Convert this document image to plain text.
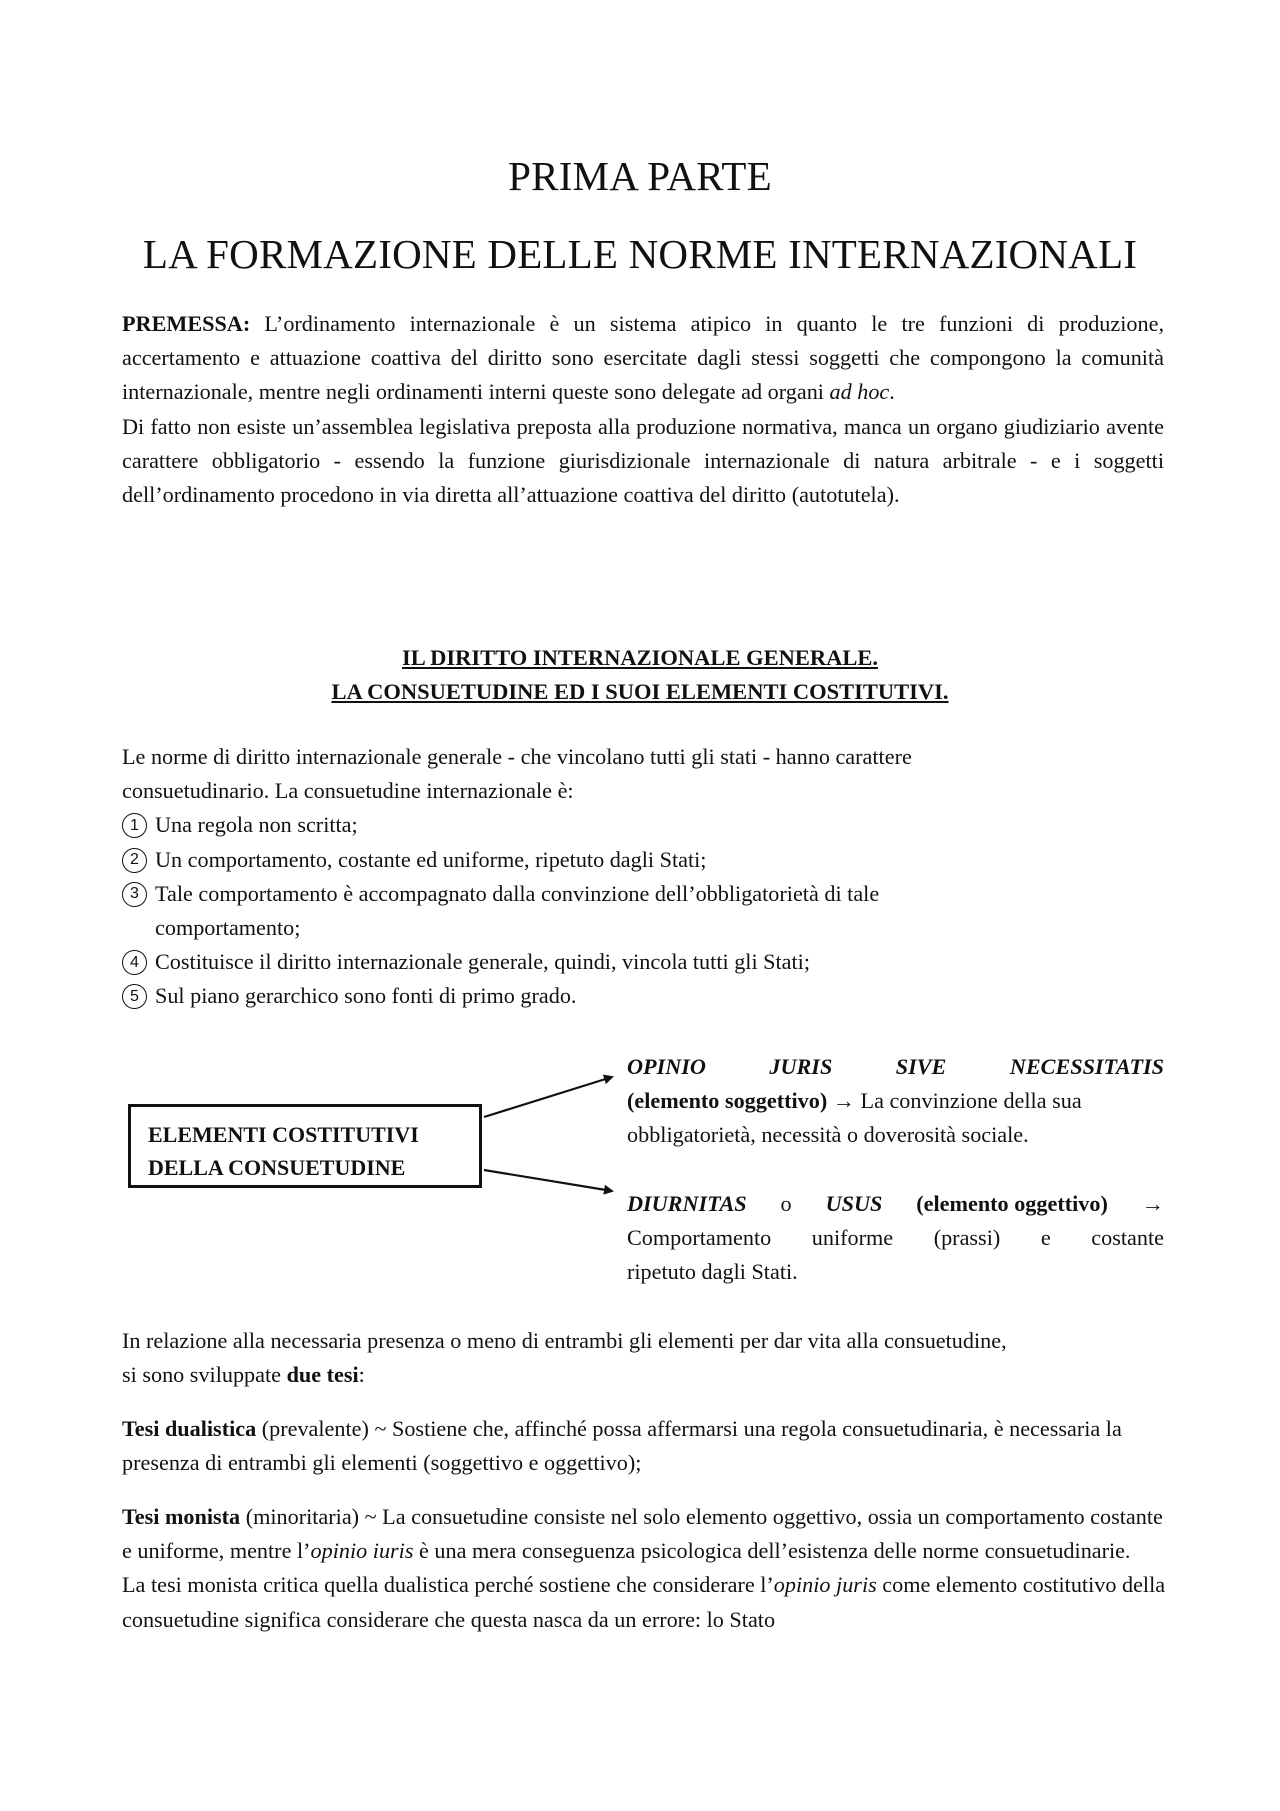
PRIMA PARTE
LA FORMAZIONE DELLE NORME INTERNAZIONALI

PREMESSA: L’ordinamento internazionale è un sistema atipico in quanto le tre funzioni di produzione, accertamento e attuazione coattiva del diritto sono esercitate dagli stessi soggetti che compongono la comunità internazionale, mentre negli ordinamenti interni queste sono delegate ad organi ad hoc.

Di fatto non esiste un’assemblea legislativa preposta alla produzione normativa, manca un organo giudiziario avente carattere obbligatorio - essendo la funzione giurisdizionale internazionale di natura arbitrale - e i soggetti dell’ordinamento procedono in via diretta all’attuazione coattiva del diritto (autotutela).

IL DIRITTO INTERNAZIONALE GENERALE.
LA CONSUETUDINE ED I SUOI ELEMENTI COSTITUTIVI.

Le norme di diritto internazionale generale - che vincolano tutti gli stati - hanno carattere

consuetudinario. La consuetudine internazionale è:

1 Una regola non scritta;
2 Un comportamento, costante ed uniforme, ripetuto dagli Stati;
3 Tale comportamento è accompagnato dalla convinzione dell’obbligatorietà di tale comportamento;
4 Costituisce il diritto internazionale generale, quindi, vincola tutti gli Stati;
5 Sul piano gerarchico sono fonti di primo grado.
ELEMENTI COSTITUTIVI
DELLA CONSUETUDINE
OPINIO	JURIS	SIVE	NECESSITATIS
(elemento soggettivo) → La convinzione della sua
obbligatorietà, necessità o doverosità sociale.
DIURNITAS o USUS (elemento oggettivo) →
Comportamento uniforme (prassi) e costante
ripetuto dagli Stati.
In relazione alla necessaria presenza o meno di entrambi gli elementi per dar vita alla consuetudine,
si sono sviluppate due tesi:

Tesi dualistica (prevalente) ~ Sostiene che, affinché possa affermarsi una regola consuetudinaria, è necessaria la presenza di entrambi gli elementi (soggettivo e oggettivo);

Tesi monista (minoritaria) ~ La consuetudine consiste nel solo elemento oggettivo, ossia un comportamento costante e uniforme, mentre l’opinio iuris è una mera conseguenza psicologica dell’esistenza delle norme consuetudinarie.

La tesi monista critica quella dualistica perché sostiene che considerare l’opinio juris come elemento costitutivo della consuetudine significa considerare che questa nasca da un errore: lo Stato
